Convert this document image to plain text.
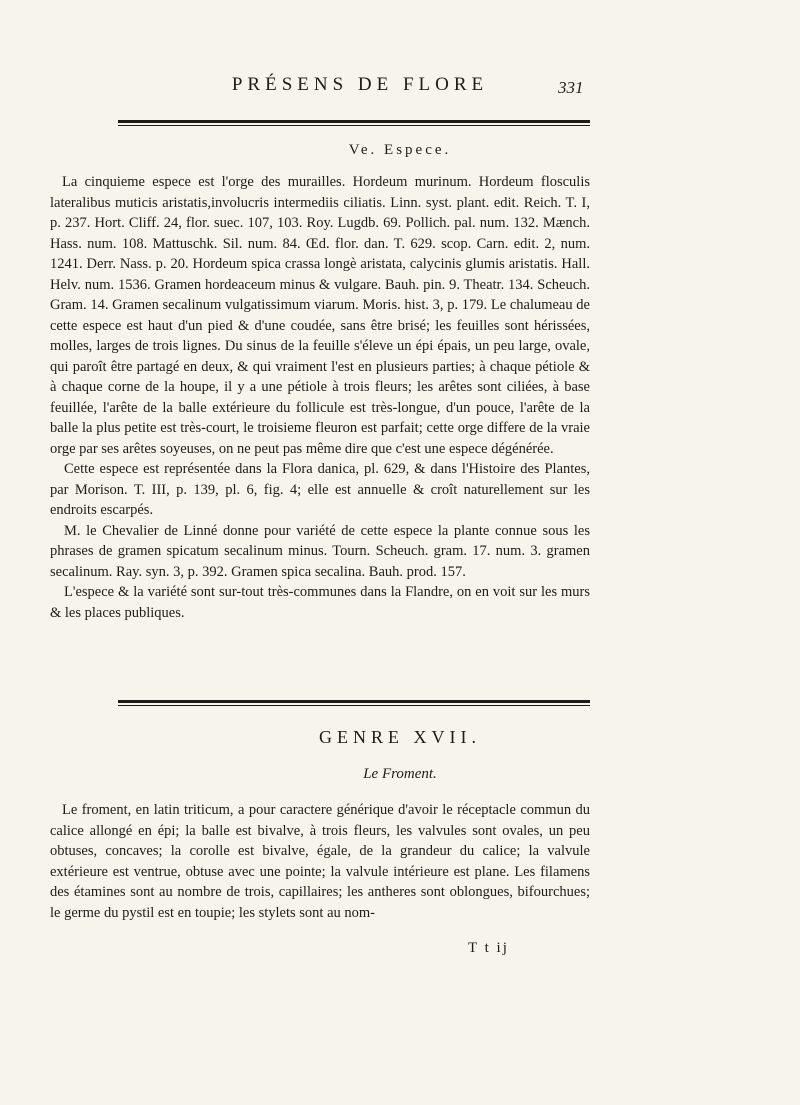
PRÉSENS DE FLORE	331
Ve. Espece.

La cinquieme espece est l'orge des murailles. Hordeum murinum. Hordeum flosculis lateralibus muticis aristatis,involucris intermediis ciliatis. Linn. syst. plant. edit. Reich. T. I, p. 237. Hort. Cliff. 24, flor. suec. 107, 103. Roy. Lugdb. 69. Pollich. pal. num. 132. Mænch. Hass. num. 108. Mattuschk. Sil. num. 84. Œd. flor. dan. T. 629. scop. Carn. edit. 2, num. 1241. Derr. Nass. p. 20. Hordeum spica crassa longè aristata, calycinis glumis aristatis. Hall. Helv. num. 1536. Gramen hordeaceum minus & vulgare. Bauh. pin. 9. Theatr. 134. Scheuch. Gram. 14. Gramen secalinum vulgatissimum viarum. Moris. hist. 3, p. 179. Le chalumeau de cette espece est haut d'un pied & d'une coudée, sans être brisé; les feuilles sont hérissées, molles, larges de trois lignes. Du sinus de la feuille s'éleve un épi épais, un peu large, ovale, qui paroît être partagé en deux, & qui vraiment l'est en plusieurs parties; à chaque pétiole & à chaque corne de la houpe, il y a une pétiole à trois fleurs; les arêtes sont ciliées, à base feuillée, l'arête de la balle extérieure du follicule est très-longue, d'un pouce, l'arête de la balle la plus petite est très-court, le troisieme fleuron est parfait; cette orge differe de la vraie orge par ses arêtes soyeuses, on ne peut pas même dire que c'est une espece dégénérée.

Cette espece est représentée dans la Flora danica, pl. 629, & dans l'Histoire des Plantes, par Morison. T. III, p. 139, pl. 6, fig. 4; elle est annuelle & croît naturellement sur les endroits escarpés.

M. le Chevalier de Linné donne pour variété de cette espece la plante connue sous les phrases de gramen spicatum secalinum minus. Tourn. Scheuch. gram. 17. num. 3. gramen secalinum. Ray. syn. 3, p. 392. Gramen spica secalina. Bauh. prod. 157.

L'espece & la variété sont sur-tout très-communes dans la Flandre, on en voit sur les murs & les places publiques.

GENRE XVII.
Le Froment.

Le froment, en latin triticum, a pour caractere générique d'avoir le réceptacle commun du calice allongé en épi; la balle est bivalve, à trois fleurs, les valvules sont ovales, un peu obtuses, concaves; la corolle est bivalve, égale, de la grandeur du calice; la valvule extérieure est ventrue, obtuse avec une pointe; la valvule intérieure est plane. Les filamens des étamines sont au nombre de trois, capillaires; les antheres sont oblongues, bifourchues; le germe du pystil est en toupie; les stylets sont au nom-

T t ij
